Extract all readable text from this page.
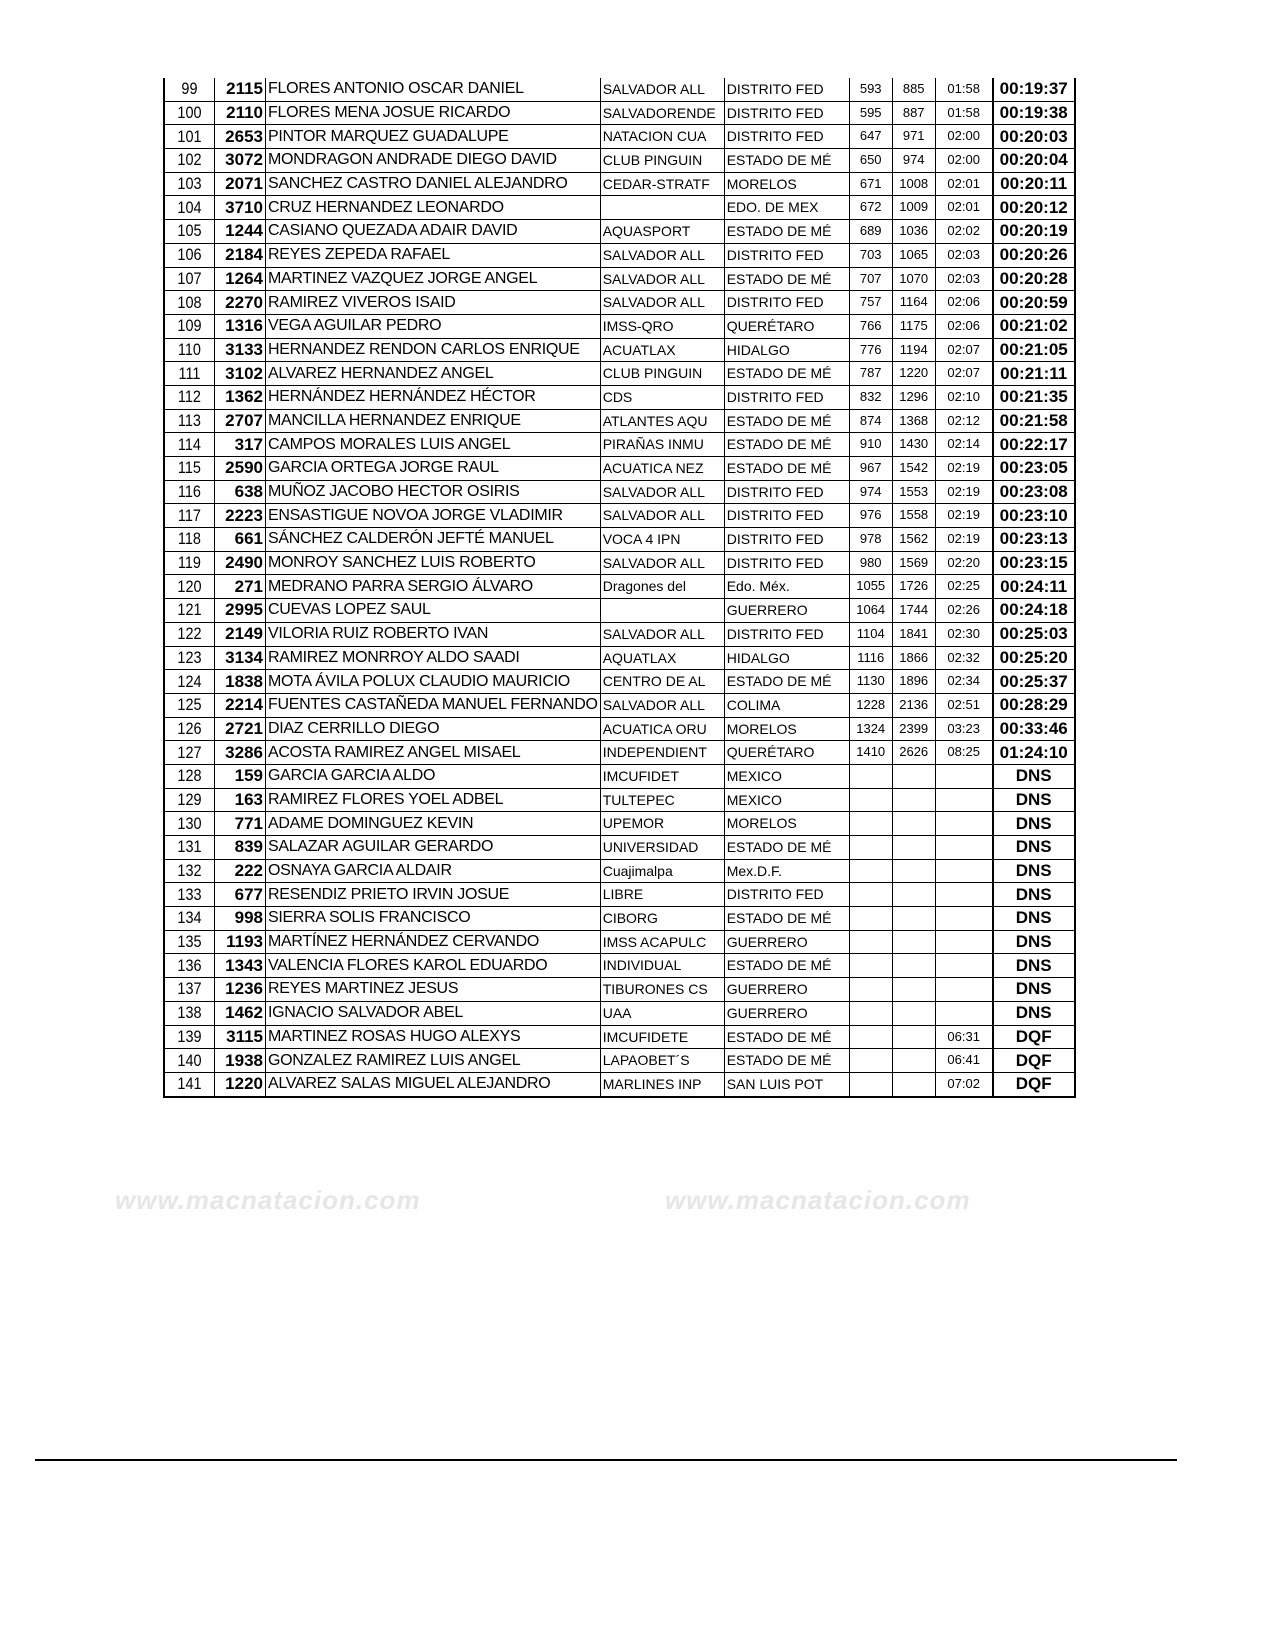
99	2115	FLORES ANTONIO OSCAR DANIEL	SALVADOR ALL	DISTRITO FED	593	885	01:58	00:19:37
100	2110	FLORES MENA JOSUE RICARDO	SALVADORENDE	DISTRITO FED	595	887	01:58	00:19:38
101	2653	PINTOR MARQUEZ GUADALUPE	NATACION CUA	DISTRITO FED	647	971	02:00	00:20:03
102	3072	MONDRAGON ANDRADE DIEGO DAVID	CLUB PINGUIN	ESTADO DE MÉ	650	974	02:00	00:20:04
103	2071	SANCHEZ CASTRO DANIEL ALEJANDRO	CEDAR-STRATF	MORELOS	671	1008	02:01	00:20:11
104	3710	CRUZ HERNANDEZ LEONARDO		EDO. DE MEX	672	1009	02:01	00:20:12
105	1244	CASIANO QUEZADA ADAIR DAVID	AQUASPORT	ESTADO DE MÉ	689	1036	02:02	00:20:19
106	2184	REYES ZEPEDA RAFAEL	SALVADOR ALL	DISTRITO FED	703	1065	02:03	00:20:26
107	1264	MARTINEZ VAZQUEZ JORGE ANGEL	SALVADOR ALL	ESTADO DE MÉ	707	1070	02:03	00:20:28
108	2270	RAMIREZ VIVEROS ISAID	SALVADOR ALL	DISTRITO FED	757	1164	02:06	00:20:59
109	1316	VEGA AGUILAR PEDRO	IMSS-QRO	QUERÉTARO	766	1175	02:06	00:21:02
110	3133	HERNANDEZ RENDON CARLOS ENRIQUE	ACUATLAX	HIDALGO	776	1194	02:07	00:21:05
111	3102	ALVAREZ HERNANDEZ ANGEL	CLUB PINGUIN	ESTADO DE MÉ	787	1220	02:07	00:21:11
112	1362	HERNÁNDEZ HERNÁNDEZ HÉCTOR	CDS	DISTRITO FED	832	1296	02:10	00:21:35
113	2707	MANCILLA HERNANDEZ ENRIQUE	ATLANTES AQU	ESTADO DE MÉ	874	1368	02:12	00:21:58
114	317	CAMPOS MORALES LUIS ANGEL	PIRAÑAS INMU	ESTADO DE MÉ	910	1430	02:14	00:22:17
115	2590	GARCIA ORTEGA JORGE RAUL	ACUATICA NEZ	ESTADO DE MÉ	967	1542	02:19	00:23:05
116	638	MUÑOZ JACOBO HECTOR OSIRIS	SALVADOR ALL	DISTRITO FED	974	1553	02:19	00:23:08
117	2223	ENSASTIGUE NOVOA JORGE VLADIMIR	SALVADOR ALL	DISTRITO FED	976	1558	02:19	00:23:10
118	661	SÁNCHEZ CALDERÓN JEFTÉ MANUEL	VOCA 4 IPN	DISTRITO FED	978	1562	02:19	00:23:13
119	2490	MONROY SANCHEZ LUIS ROBERTO	SALVADOR ALL	DISTRITO FED	980	1569	02:20	00:23:15
120	271	MEDRANO PARRA SERGIO ÁLVARO	Dragones del	Edo. Méx.	1055	1726	02:25	00:24:11
121	2995	CUEVAS LOPEZ SAUL		GUERRERO	1064	1744	02:26	00:24:18
122	2149	VILORIA RUIZ ROBERTO IVAN	SALVADOR ALL	DISTRITO FED	1104	1841	02:30	00:25:03
123	3134	RAMIREZ MONRROY ALDO SAADI	AQUATLAX	HIDALGO	1116	1866	02:32	00:25:20
124	1838	MOTA ÁVILA POLUX CLAUDIO MAURICIO	CENTRO DE AL	ESTADO DE MÉ	1130	1896	02:34	00:25:37
125	2214	FUENTES CASTAÑEDA MANUEL FERNANDO	SALVADOR ALL	COLIMA	1228	2136	02:51	00:28:29
126	2721	DIAZ CERRILLO DIEGO	ACUATICA ORU	MORELOS	1324	2399	03:23	00:33:46
127	3286	ACOSTA RAMIREZ ANGEL MISAEL	INDEPENDIENT	QUERÉTARO	1410	2626	08:25	01:24:10
128	159	GARCIA GARCIA ALDO	IMCUFIDET	MEXICO				DNS
129	163	RAMIREZ FLORES YOEL ADBEL	TULTEPEC	MEXICO				DNS
130	771	ADAME DOMINGUEZ KEVIN	UPEMOR	MORELOS				DNS
131	839	SALAZAR AGUILAR GERARDO	UNIVERSIDAD	ESTADO DE MÉ				DNS
132	222	OSNAYA GARCIA ALDAIR	Cuajimalpa	Mex.D.F.				DNS
133	677	RESENDIZ PRIETO IRVIN JOSUE	LIBRE	DISTRITO FED				DNS
134	998	SIERRA SOLIS FRANCISCO	CIBORG	ESTADO DE MÉ				DNS
135	1193	MARTÍNEZ HERNÁNDEZ CERVANDO	IMSS ACAPULC	GUERRERO				DNS
136	1343	VALENCIA FLORES KAROL EDUARDO	INDIVIDUAL	ESTADO DE MÉ				DNS
137	1236	REYES MARTINEZ JESUS	TIBURONES CS	GUERRERO				DNS
138	1462	IGNACIO SALVADOR ABEL	UAA	GUERRERO				DNS
139	3115	MARTINEZ ROSAS HUGO ALEXYS	IMCUFIDETE	ESTADO DE MÉ			06:31	DQF
140	1938	GONZALEZ RAMIREZ LUIS ANGEL	LAPAOBET´S	ESTADO DE MÉ			06:41	DQF
141	1220	ALVAREZ SALAS MIGUEL ALEJANDRO	MARLINES INP	SAN LUIS POT			07:02	DQF
www.macnatacion.com	www.macnatacion.com
